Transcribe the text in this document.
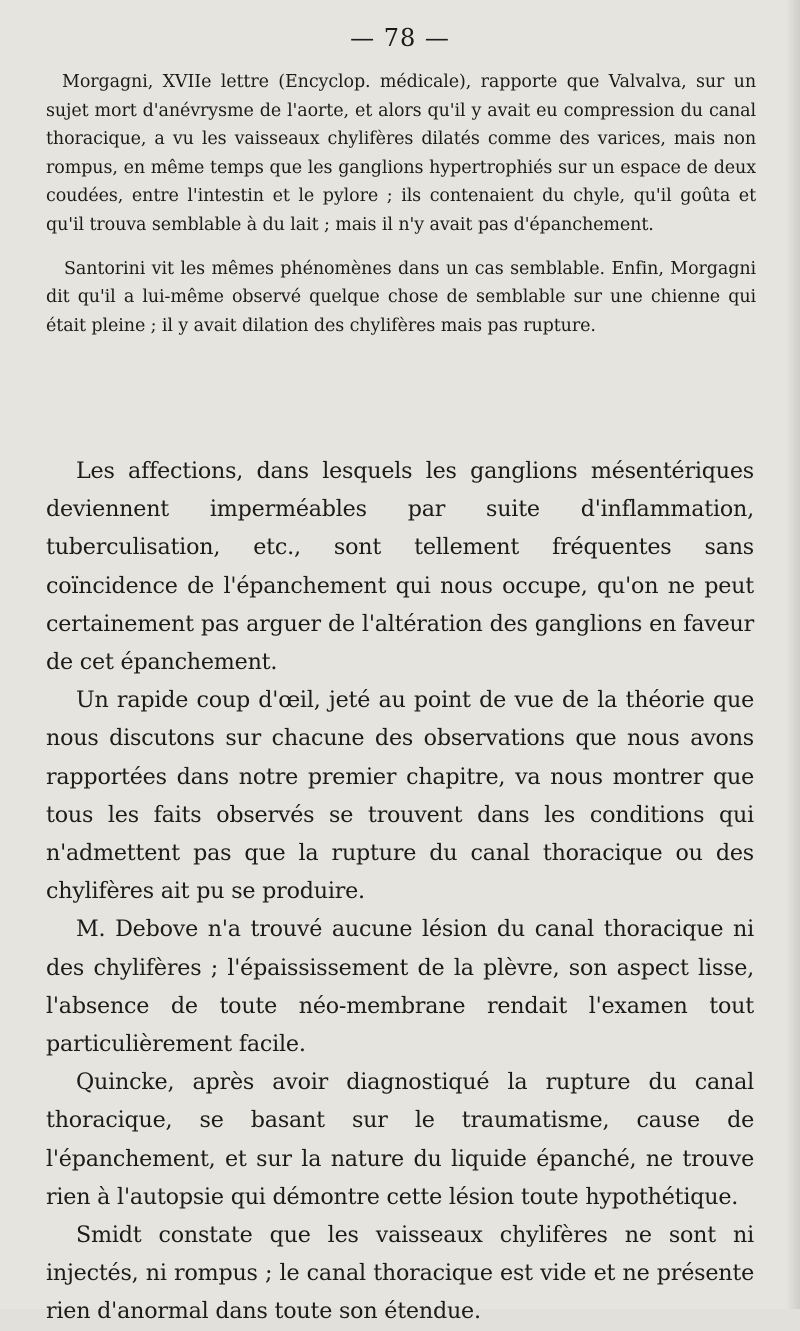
— 78 —

Morgagni, XVIIe lettre (Encyclop. médicale), rapporte que Valvalva, sur un sujet mort d'anévrysme de l'aorte, et alors qu'il y avait eu compression du canal thoracique, a vu les vaisseaux chylifères dilatés comme des varices, mais non rompus, en même temps que les ganglions hypertrophiés sur un espace de deux coudées, entre l'intestin et le pylore ; ils contenaient du chyle, qu'il goûta et qu'il trouva semblable à du lait ; mais il n'y avait pas d'épanchement.

Santorini vit les mêmes phénomènes dans un cas semblable. Enfin, Morgagni dit qu'il a lui-même observé quelque chose de semblable sur une chienne qui était pleine ; il y avait dilation des chylifères mais pas rupture.

Les affections, dans lesquels les ganglions mésentériques deviennent imperméables par suite d'inflammation, tuberculisation, etc., sont tellement fréquentes sans coïncidence de l'épanchement qui nous occupe, qu'on ne peut certainement pas arguer de l'altération des ganglions en faveur de cet épanchement.

Un rapide coup d'œil, jeté au point de vue de la théorie que nous discutons sur chacune des observations que nous avons rapportées dans notre premier chapitre, va nous montrer que tous les faits observés se trouvent dans les conditions qui n'admettent pas que la rupture du canal thoracique ou des chylifères ait pu se produire.

M. Debove n'a trouvé aucune lésion du canal thoracique ni des chylifères ; l'épaississement de la plèvre, son aspect lisse, l'absence de toute néo-membrane rendait l'examen tout particulièrement facile.

Quincke, après avoir diagnostiqué la rupture du canal thoracique, se basant sur le traumatisme, cause de l'épanchement, et sur la nature du liquide épanché, ne trouve rien à l'autopsie qui démontre cette lésion toute hypothétique.

Smidt constate que les vaisseaux chylifères ne sont ni injectés, ni rompus ; le canal thoracique est vide et ne présente rien d'anormal dans toute son étendue.
